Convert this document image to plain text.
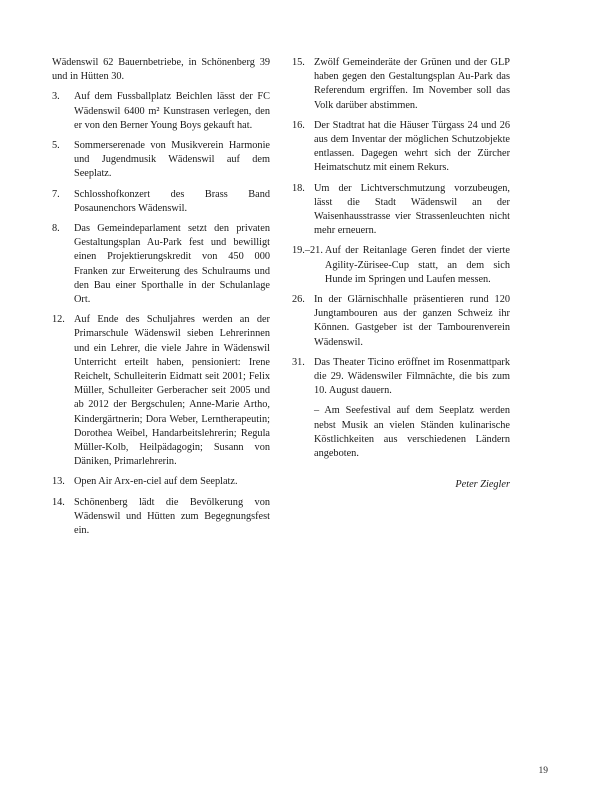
Wädenswil 62 Bauernbetriebe, in Schönenberg 39 und in Hütten 30.
3.	Auf dem Fussballplatz Beichlen lässt der FC Wädenswil 6400 m² Kunstrasen verlegen, den er von den Berner Young Boys gekauft hat.
5.	Sommerserenade von Musikverein Harmonie und Jugendmusik Wädenswil auf dem Seeplatz.
7.	Schlosshofkonzert des Brass Band Posaunenchors Wädenswil.
8.	Das Gemeindeparlament setzt den privaten Gestaltungsplan Au-Park fest und bewilligt einen Projektierungskredit von 450 000 Franken zur Erweiterung des Schulraums und den Bau einer Sporthalle in der Schulanlage Ort.
12. Auf Ende des Schuljahres werden an der Primarschule Wädenswil sieben Lehrerinnen und ein Lehrer, die viele Jahre in Wädenswil Unterricht erteilt haben, pensioniert: Irene Reichelt, Schulleiterin Eidmatt seit 2001; Felix Müller, Schulleiter Gerberacher seit 2005 und ab 2012 der Bergschulen; Anne-Marie Artho, Kindergärtnerin; Dora Weber, Lerntherapeutin; Dorothea Weibel, Handarbeitslehrerin; Regula Müller-Kolb, Heilpädagogin; Susann von Däniken, Primarlehrerin.
13. Open Air Arx-en-ciel auf dem Seeplatz.
14. Schönenberg lädt die Bevölkerung von Wädenswil und Hütten zum Begegnungsfest ein.
15. Zwölf Gemeinderäte der Grünen und der GLP haben gegen den Gestaltungsplan Au-Park das Referendum ergriffen. Im November soll das Volk darüber abstimmen.
16. Der Stadtrat hat die Häuser Türgass 24 und 26 aus dem Inventar der möglichen Schutzobjekte entlassen. Dagegen wehrt sich der Zürcher Heimatschutz mit einem Rekurs.
18. Um der Lichtverschmutzung vorzubeugen, lässt die Stadt Wädenswil an der Waisenhausstrasse vier Strassenleuchten nicht mehr erneuern.
19.–21. Auf der Reitanlage Geren findet der vierte Agility-Zürisee-Cup statt, an dem sich Hunde im Springen und Laufen messen.
26. In der Glärnischhalle präsentieren rund 120 Jungtambouren aus der ganzen Schweiz ihr Können. Gastgeber ist der Tambourenverein Wädenswil.
31. Das Theater Ticino eröffnet im Rosenmattpark die 29. Wädenswiler Filmnächte, die bis zum 10. August dauern.
– Am Seefestival auf dem Seeplatz werden nebst Musik an vielen Ständen kulinarische Köstlichkeiten aus verschiedenen Ländern angeboten.
Peter Ziegler
19
